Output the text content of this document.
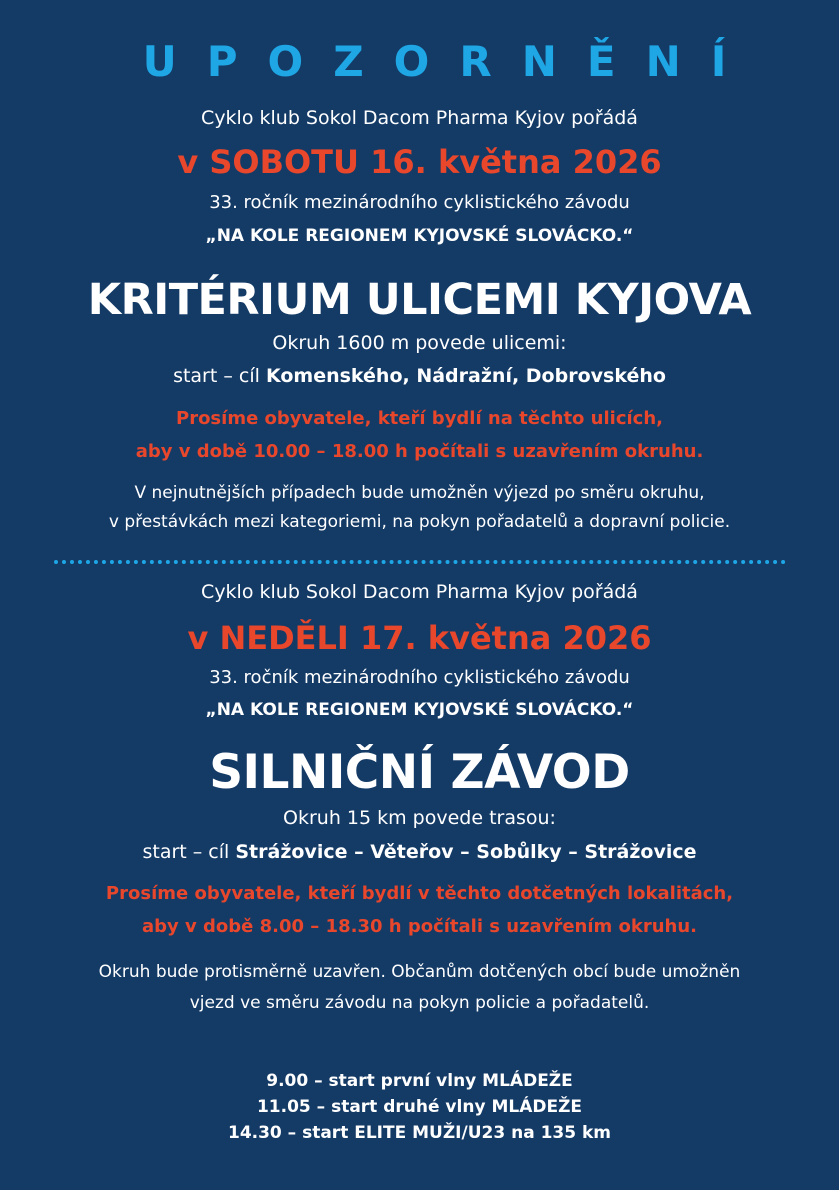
UPOZORNĚNÍ

Cyklo klub Sokol Dacom Pharma Kyjov pořádá

v SOBOTU 16. května 2026

33. ročník mezinárodního cyklistického závodu

„NA KOLE REGIONEM KYJOVSKÉ SLOVÁCKO.“

KRITÉRIUM ULICEMI KYJOVA

Okruh 1600 m povede ulicemi:

start – cíl Komenského, Nádražní, Dobrovského

Prosíme obyvatele, kteří bydlí na těchto ulicích,

aby v době 10.00 – 18.00 h počítali s uzavřením okruhu.

V nejnutnějších případech bude umožněn výjezd po směru okruhu,

v přestávkách mezi kategoriemi, na pokyn pořadatelů a dopravní policie.

Cyklo klub Sokol Dacom Pharma Kyjov pořádá

v NEDĚLI 17. května 2026

33. ročník mezinárodního cyklistického závodu

„NA KOLE REGIONEM KYJOVSKÉ SLOVÁCKO.“

SILNIČNÍ ZÁVOD

Okruh 15 km povede trasou:

start – cíl Strážovice – Věteřov – Sobůlky – Strážovice

Prosíme obyvatele, kteří bydlí v těchto dotčetných lokalitách,

aby v době 8.00 – 18.30 h počítali s uzavřením okruhu.

Okruh bude protisměrně uzavřen. Občanům dotčených obcí bude umožněn

vjezd ve směru závodu na pokyn policie a pořadatelů.

9.00 – start první vlny MLÁDEŽE

11.05 – start druhé vlny MLÁDEŽE

14.30 – start ELITE MUŽI/U23 na 135 km
